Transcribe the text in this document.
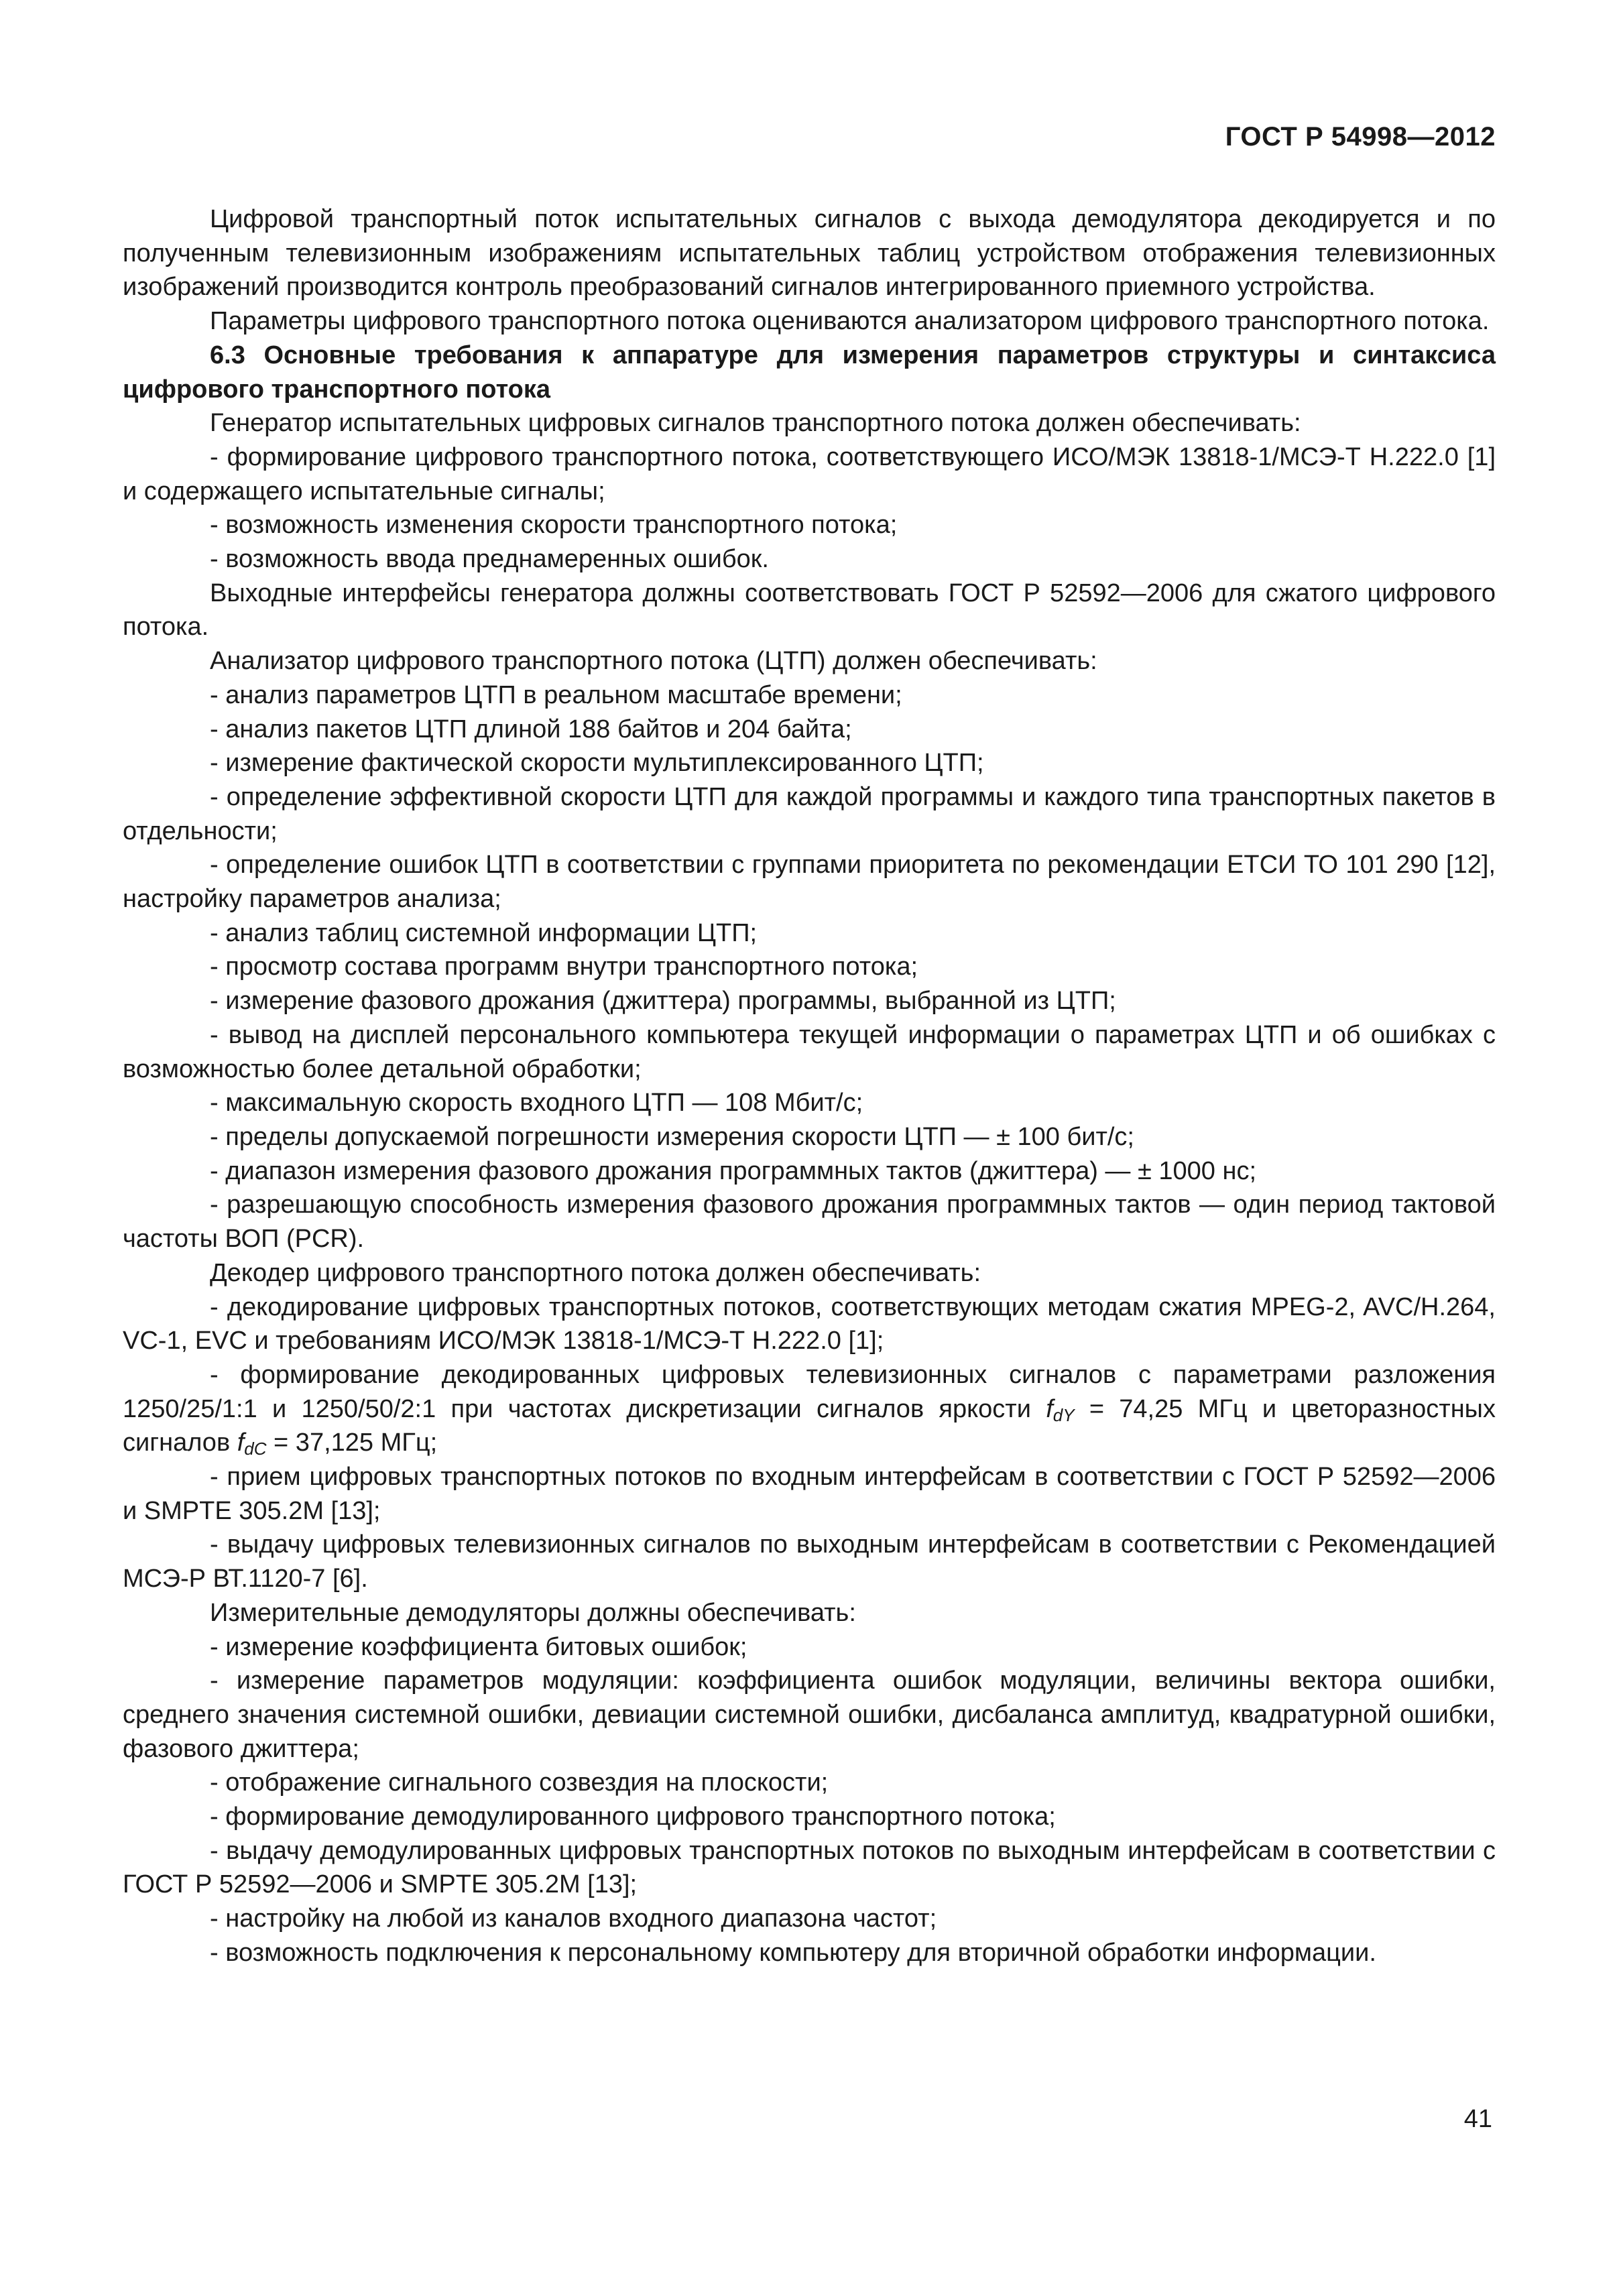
ГОСТ Р 54998—2012

Цифровой транспортный поток испытательных сигналов с выхода демодулятора декодируется и по полученным телевизионным изображениям испытательных таблиц устройством отображения телевизионных изображений производится контроль преобразований сигналов интегрированного приемного устройства.

Параметры цифрового транспортного потока оцениваются анализатором цифрового транспортного потока.

6.3 Основные требования к аппаратуре для измерения параметров структуры и синтаксиса цифрового транспортного потока

Генератор испытательных цифровых сигналов транспортного потока должен обеспечивать:

- формирование цифрового транспортного потока, соответствующего ИСО/МЭК 13818-1/МСЭ-Т Н.222.0 [1] и содержащего испытательные сигналы;

- возможность изменения скорости транспортного потока;

- возможность ввода преднамеренных ошибок.

Выходные интерфейсы генератора должны соответствовать ГОСТ Р 52592—2006 для сжатого цифрового потока.

Анализатор цифрового транспортного потока (ЦТП) должен обеспечивать:

- анализ параметров ЦТП в реальном масштабе времени;

- анализ пакетов ЦТП длиной 188 байтов и 204 байта;

- измерение фактической скорости мультиплексированного ЦТП;

- определение эффективной скорости ЦТП для каждой программы и каждого типа транспортных пакетов в отдельности;

- определение ошибок ЦТП в соответствии с группами приоритета по рекомендации ЕТСИ ТО 101 290 [12], настройку параметров анализа;

- анализ таблиц системной информации ЦТП;

- просмотр состава программ внутри транспортного потока;

- измерение фазового дрожания (джиттера) программы, выбранной из ЦТП;

- вывод на дисплей персонального компьютера текущей информации о параметрах ЦТП и об ошибках с возможностью более детальной обработки;

- максимальную скорость входного ЦТП — 108 Мбит/с;

- пределы допускаемой погрешности измерения скорости ЦТП — ± 100 бит/с;

- диапазон измерения фазового дрожания программных тактов (джиттера) — ± 1000 нс;

- разрешающую способность измерения фазового дрожания программных тактов — один период тактовой частоты ВОП (PCR).

Декодер цифрового транспортного потока должен обеспечивать:

- декодирование цифровых транспортных потоков, соответствующих методам сжатия MPEG-2, AVC/H.264, VC-1, EVC и требованиям ИСО/МЭК 13818-1/МСЭ-Т Н.222.0 [1];

- формирование декодированных цифровых телевизионных сигналов с параметрами разложения 1250/25/1:1 и 1250/50/2:1 при частотах дискретизации сигналов яркости $f_{dY} = 74,25$ МГц и цветоразностных сигналов $f_{dC} = 37,125$ МГц;

- прием цифровых транспортных потоков по входным интерфейсам в соответствии с ГОСТ Р 52592—2006 и SMPTE 305.2M [13];

- выдачу цифровых телевизионных сигналов по выходным интерфейсам в соответствии с Рекомендацией МСЭ-Р ВТ.1120-7 [6].

Измерительные демодуляторы должны обеспечивать:

- измерение коэффициента битовых ошибок;

- измерение параметров модуляции: коэффициента ошибок модуляции, величины вектора ошибки, среднего значения системной ошибки, девиации системной ошибки, дисбаланса амплитуд, квадратурной ошибки, фазового джиттера;

- отображение сигнального созвездия на плоскости;

- формирование демодулированного цифрового транспортного потока;

- выдачу демодулированных цифровых транспортных потоков по выходным интерфейсам в соответствии с ГОСТ Р 52592—2006 и SMPTE 305.2M [13];

- настройку на любой из каналов входного диапазона частот;

- возможность подключения к персональному компьютеру для вторичной обработки информации.

41
